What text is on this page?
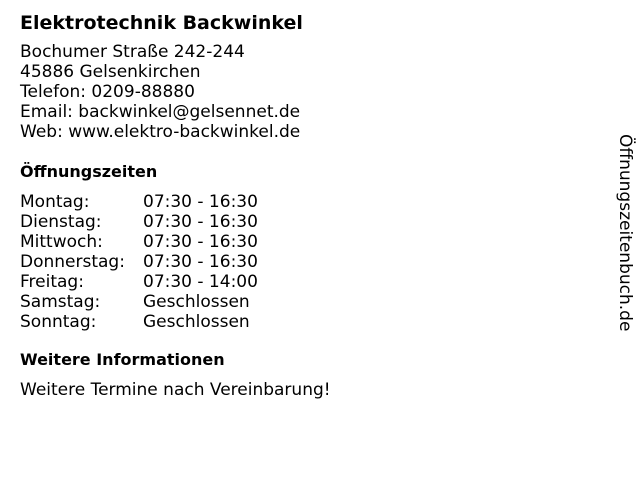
Elektrotechnik Backwinkel
Bochumer Straße 242-244
45886 Gelsenkirchen
Telefon: 0209-88880
Email: backwinkel@gelsennet.de
Web: www.elektro-backwinkel.de
Öffnungszeiten
Montag:	07:30 - 16:30
Dienstag:	07:30 - 16:30
Mittwoch:	07:30 - 16:30
Donnerstag:	07:30 - 16:30
Freitag:	07:30 - 14:00
Samstag:	Geschlossen
Sonntag:	Geschlossen
Weitere Informationen
Weitere Termine nach Vereinbarung!
Öffnungszeitenbuch.de
